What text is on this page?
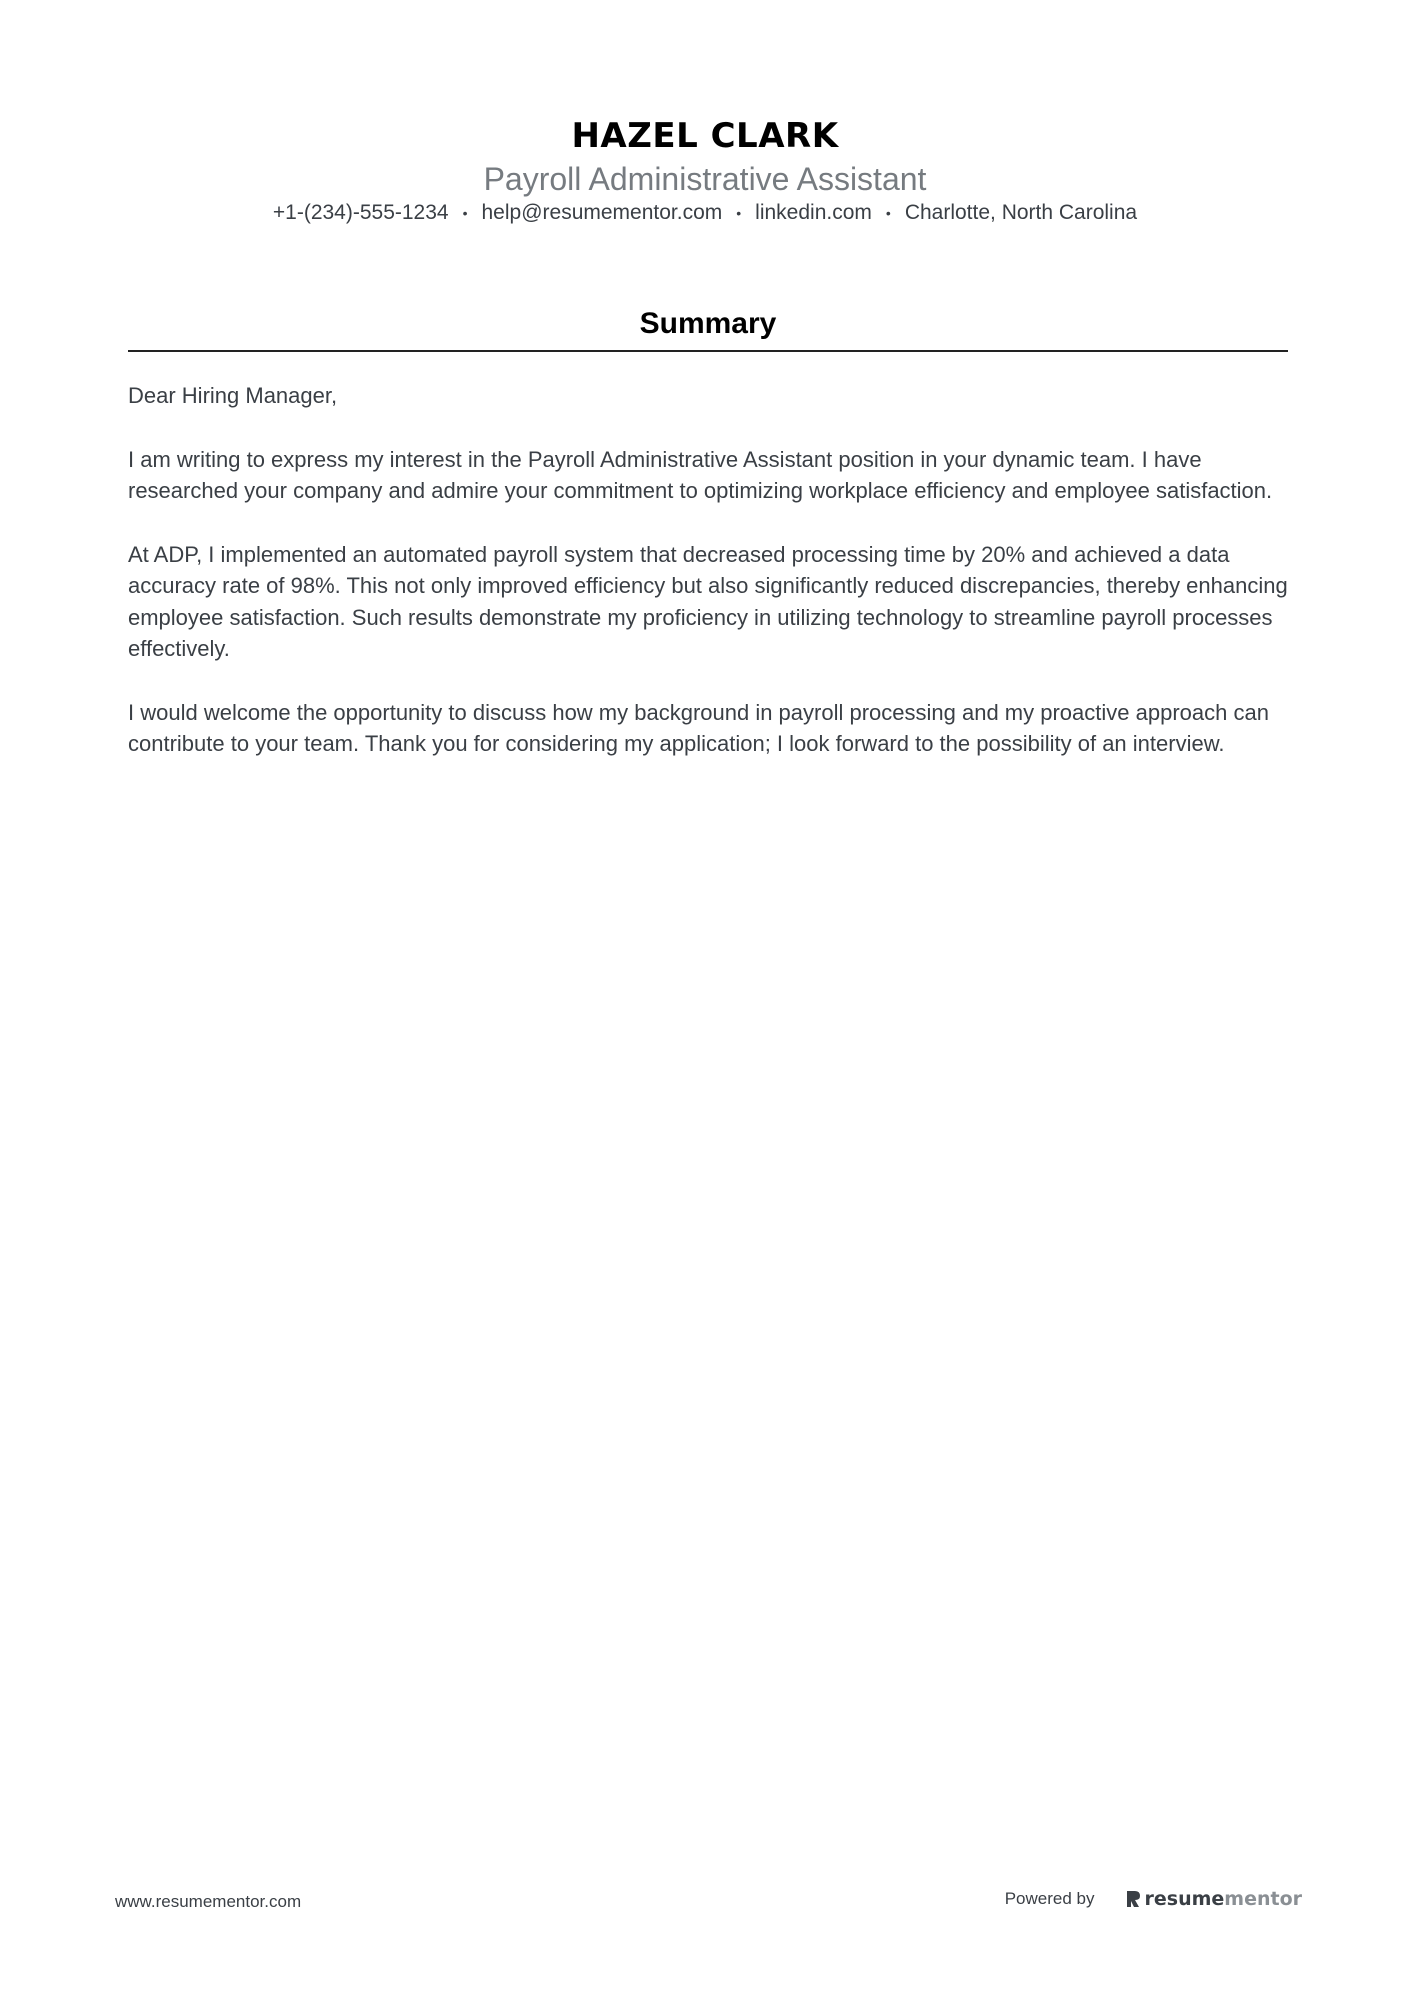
HAZEL CLARK
Payroll Administrative Assistant
+1-(234)-555-1234 • help@resumementor.com • linkedin.com • Charlotte, North Carolina
Summary

Dear Hiring Manager,

I am writing to express my interest in the Payroll Administrative Assistant position in your dynamic team. I have researched your company and admire your commitment to optimizing workplace efficiency and employee satisfaction.

At ADP, I implemented an automated payroll system that decreased processing time by 20% and achieved a data accuracy rate of 98%. This not only improved efficiency but also significantly reduced discrepancies, thereby enhancing employee satisfaction. Such results demonstrate my proficiency in utilizing technology to streamline payroll processes effectively.

I would welcome the opportunity to discuss how my background in payroll processing and my proactive approach can contribute to your team. Thank you for considering my application; I look forward to the possibility of an interview.

www.resumementor.com	Powered by	resumementor
